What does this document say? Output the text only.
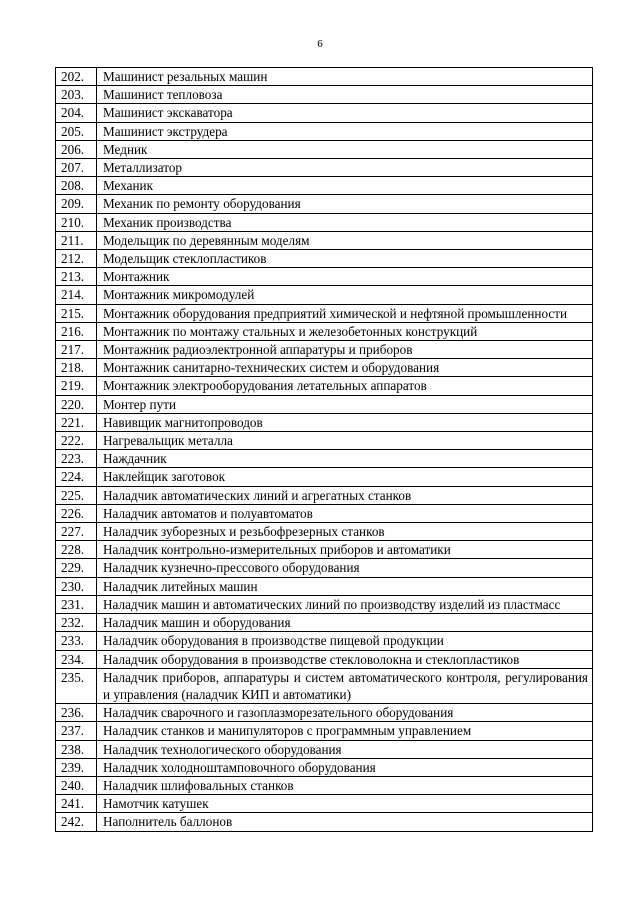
6
202.	Машинист резальных машин
203.	Машинист тепловоза
204.	Машинист экскаватора
205.	Машинист экструдера
206.	Медник
207.	Металлизатор
208.	Механик
209.	Механик по ремонту оборудования
210.	Механик производства
211.	Модельщик по деревянным моделям
212.	Модельщик стеклопластиков
213.	Монтажник
214.	Монтажник микромодулей
215.	Монтажник оборудования предприятий химической и нефтяной промышленности
216.	Монтажник по монтажу стальных и железобетонных конструкций
217.	Монтажник радиоэлектронной аппаратуры и приборов
218.	Монтажник санитарно-технических систем и оборудования
219.	Монтажник электрооборудования летательных аппаратов
220.	Монтер пути
221.	Навивщик магнитопроводов
222.	Нагревальщик металла
223.	Наждачник
224.	Наклейщик заготовок
225.	Наладчик автоматических линий и агрегатных станков
226.	Наладчик автоматов и полуавтоматов
227.	Наладчик зуборезных и резьбофрезерных станков
228.	Наладчик контрольно-измерительных приборов и автоматики
229.	Наладчик кузнечно-прессового оборудования
230.	Наладчик литейных машин
231.	Наладчик машин и автоматических линий по производству изделий из пластмасс
232.	Наладчик машин и оборудования
233.	Наладчик оборудования в производстве пищевой продукции
234.	Наладчик оборудования в производстве стекловолокна и стеклопластиков
235.	Наладчик приборов, аппаратуры и систем автоматического контроля, регулирования и управления (наладчик КИП и автоматики)
236.	Наладчик сварочного и газоплазморезательного оборудования
237.	Наладчик станков и манипуляторов с программным управлением
238.	Наладчик технологического оборудования
239.	Наладчик холодноштамповочного оборудования
240.	Наладчик шлифовальных станков
241.	Намотчик катушек
242.	Наполнитель баллонов
